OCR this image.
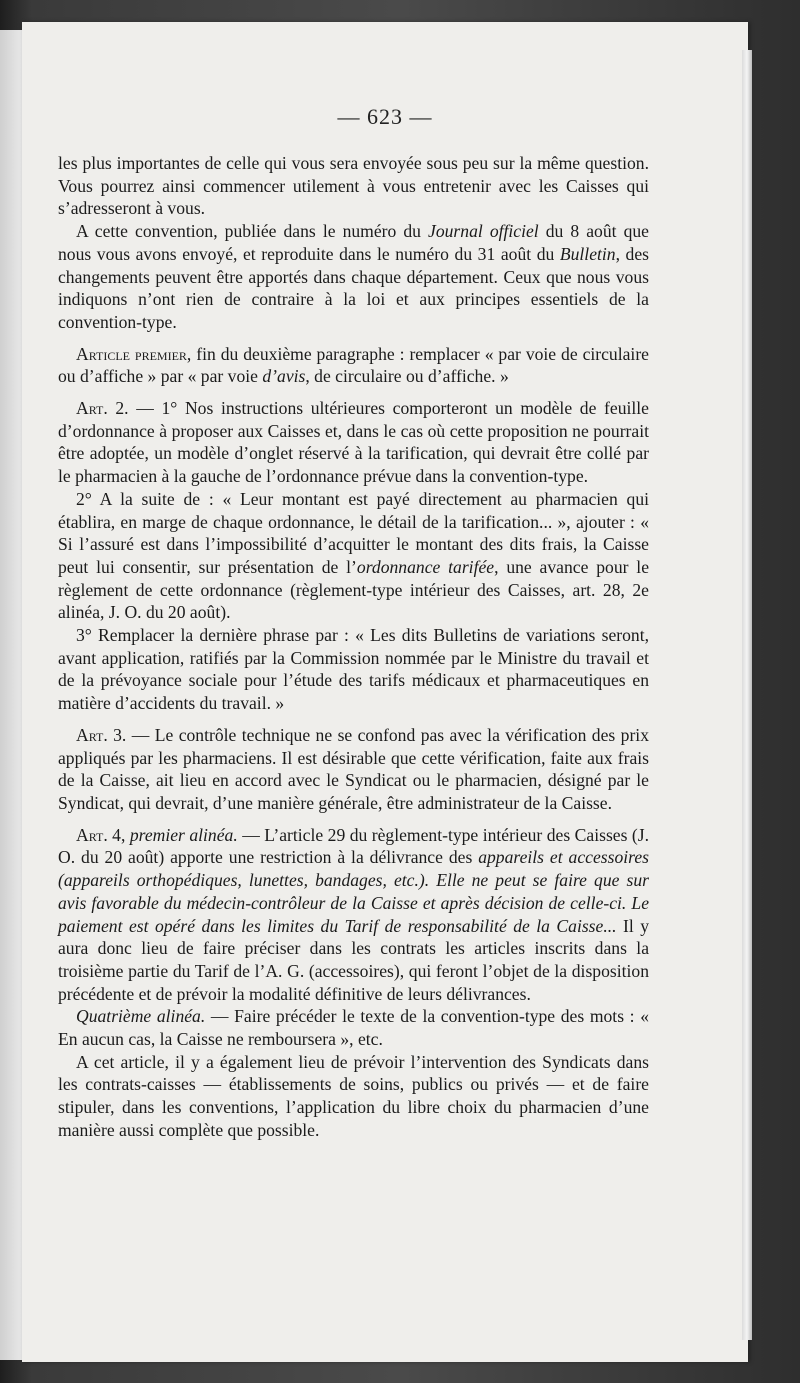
— 623 —

les plus importantes de celle qui vous sera envoyée sous peu sur la même question. Vous pourrez ainsi commencer utilement à vous entretenir avec les Caisses qui s’adresseront à vous.

A cette convention, publiée dans le numéro du Journal officiel du 8 août que nous vous avons envoyé, et reproduite dans le numéro du 31 août du Bulletin, des changements peuvent être apportés dans chaque département. Ceux que nous vous indiquons n’ont rien de contraire à la loi et aux principes essentiels de la convention-type.

Article premier, fin du deuxième paragraphe : remplacer « par voie de circulaire ou d’affiche » par « par voie d’avis, de circulaire ou d’affiche. »

Art. 2. — 1° Nos instructions ultérieures comporteront un modèle de feuille d’ordonnance à proposer aux Caisses et, dans le cas où cette proposition ne pourrait être adoptée, un modèle d’onglet réservé à la tarification, qui devrait être collé par le pharmacien à la gauche de l’ordonnance prévue dans la convention-type.

2° A la suite de : « Leur montant est payé directement au pharmacien qui établira, en marge de chaque ordonnance, le détail de la tarification... », ajouter : « Si l’assuré est dans l’impossibilité d’acquitter le montant des dits frais, la Caisse peut lui consentir, sur présentation de l’ordonnance tarifée, une avance pour le règlement de cette ordonnance (règlement-type intérieur des Caisses, art. 28, 2e alinéa, J. O. du 20 août).

3° Remplacer la dernière phrase par : « Les dits Bulletins de variations seront, avant application, ratifiés par la Commission nommée par le Ministre du travail et de la prévoyance sociale pour l’étude des tarifs médicaux et pharmaceutiques en matière d’accidents du travail. »

Art. 3. — Le contrôle technique ne se confond pas avec la vérification des prix appliqués par les pharmaciens. Il est désirable que cette vérification, faite aux frais de la Caisse, ait lieu en accord avec le Syndicat ou le pharmacien, désigné par le Syndicat, qui devrait, d’une manière générale, être administrateur de la Caisse.

Art. 4, premier alinéa. — L’article 29 du règlement-type intérieur des Caisses (J. O. du 20 août) apporte une restriction à la délivrance des appareils et accessoires (appareils orthopédiques, lunettes, bandages, etc.). Elle ne peut se faire que sur avis favorable du médecin-contrôleur de la Caisse et après décision de celle-ci. Le paiement est opéré dans les limites du Tarif de responsabilité de la Caisse... Il y aura donc lieu de faire préciser dans les contrats les articles inscrits dans la troisième partie du Tarif de l’A. G. (accessoires), qui feront l’objet de la disposition précédente et de prévoir la modalité définitive de leurs délivrances.

Quatrième alinéa. — Faire précéder le texte de la convention-type des mots : « En aucun cas, la Caisse ne remboursera », etc.

A cet article, il y a également lieu de prévoir l’intervention des Syndicats dans les contrats-caisses — établissements de soins, publics ou privés — et de faire stipuler, dans les conventions, l’application du libre choix du pharmacien d’une manière aussi complète que possible.
